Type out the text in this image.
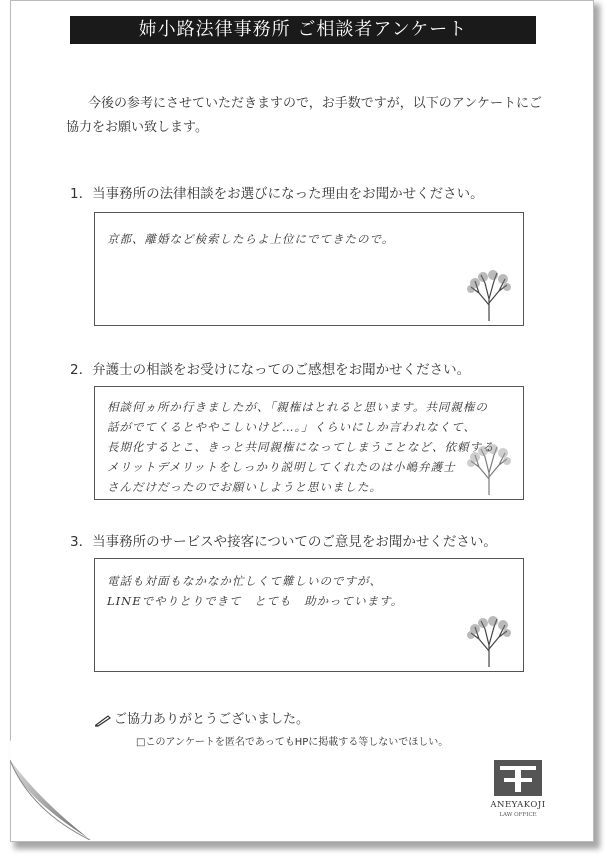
姉小路法律事務所 ご相談者アンケート
今後の参考にさせていただきますので，お手数ですが，以下のアンケートにご協力をお願い致します。
1．当事務所の法律相談をお選びになった理由をお聞かせください。
京都、離婚など検索したらよ上位にでてきたので。
2．弁護士の相談をお受けになってのご感想をお聞かせください。
相談何ヵ所か行きましたが、「親権はとれると思います。共同親権の
話がでてくるとややこしいけど…。」くらいにしか言われなくて、
長期化するとこ、きっと共同親権になってしまうことなど、依頼する
メリットデメリットをしっかり説明してくれたのは小嶋弁護士
さんだけだったのでお願いしようと思いました。
3．当事務所のサービスや接客についてのご意見をお聞かせください。
電話も対面もなかなか忙しくて難しいのですが、
LINEでやりとりできて　とても　助かっています。
ご協力ありがとうございました。
□このアンケートを匿名であってもHPに掲載する等しないでほしい。
ANEYAKOJI
LAW OFFICE
